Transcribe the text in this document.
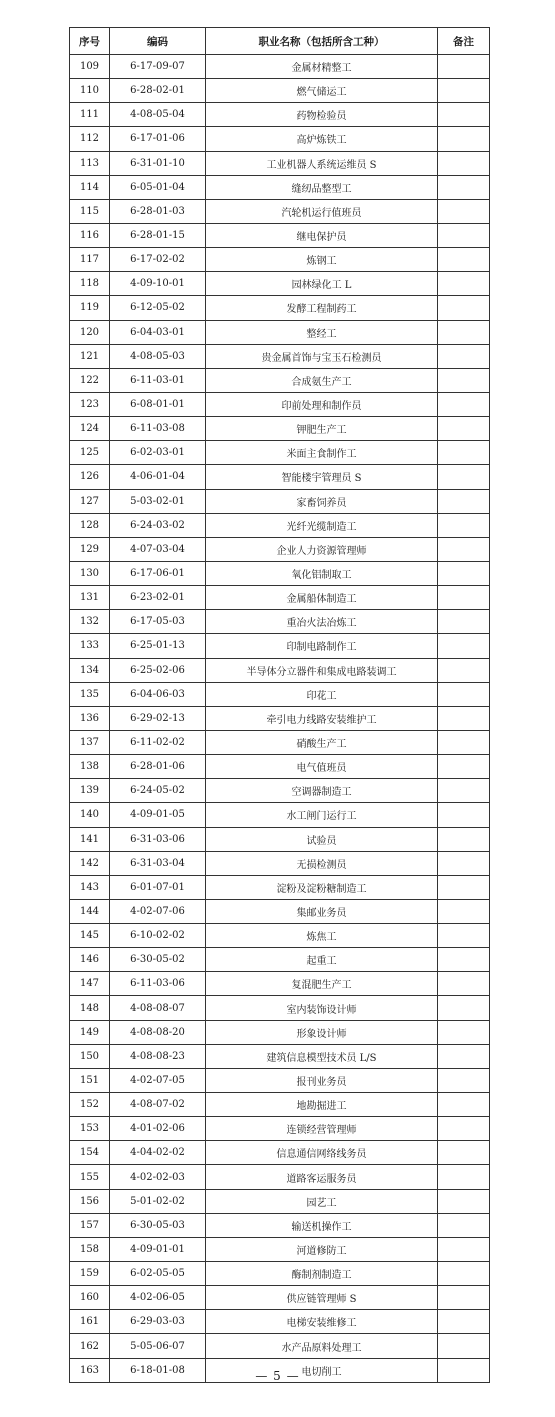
序号	编码	职业名称（包括所含工种）	备注
109	6-17-09-07	金属材精整工	
110	6-28-02-01	燃气储运工	
111	4-08-05-04	药物检验员	
112	6-17-01-06	高炉炼铁工	
113	6-31-01-10	工业机器人系统运维员 S	
114	6-05-01-04	缝纫品整型工	
115	6-28-01-03	汽轮机运行值班员	
116	6-28-01-15	继电保护员	
117	6-17-02-02	炼钢工	
118	4-09-10-01	园林绿化工 L	
119	6-12-05-02	发酵工程制药工	
120	6-04-03-01	整经工	
121	4-08-05-03	贵金属首饰与宝玉石检测员	
122	6-11-03-01	合成氨生产工	
123	6-08-01-01	印前处理和制作员	
124	6-11-03-08	钾肥生产工	
125	6-02-03-01	米面主食制作工	
126	4-06-01-04	智能楼宇管理员 S	
127	5-03-02-01	家畜饲养员	
128	6-24-03-02	光纤光缆制造工	
129	4-07-03-04	企业人力资源管理师	
130	6-17-06-01	氧化铝制取工	
131	6-23-02-01	金属船体制造工	
132	6-17-05-03	重冶火法冶炼工	
133	6-25-01-13	印制电路制作工	
134	6-25-02-06	半导体分立器件和集成电路装调工	
135	6-04-06-03	印花工	
136	6-29-02-13	牵引电力线路安装维护工	
137	6-11-02-02	硝酸生产工	
138	6-28-01-06	电气值班员	
139	6-24-05-02	空调器制造工	
140	4-09-01-05	水工闸门运行工	
141	6-31-03-06	试验员	
142	6-31-03-04	无损检测员	
143	6-01-07-01	淀粉及淀粉糖制造工	
144	4-02-07-06	集邮业务员	
145	6-10-02-02	炼焦工	
146	6-30-05-02	起重工	
147	6-11-03-06	复混肥生产工	
148	4-08-08-07	室内装饰设计师	
149	4-08-08-20	形象设计师	
150	4-08-08-23	建筑信息模型技术员 L/S	
151	4-02-07-05	报刊业务员	
152	4-08-07-02	地勘掘进工	
153	4-01-02-06	连锁经营管理师	
154	4-04-02-02	信息通信网络线务员	
155	4-02-02-03	道路客运服务员	
156	5-01-02-02	园艺工	
157	6-30-05-03	输送机操作工	
158	4-09-01-01	河道修防工	
159	6-02-05-05	酶制剂制造工	
160	4-02-06-05	供应链管理师 S	
161	6-29-03-03	电梯安装维修工	
162	5-05-06-07	水产品原料处理工	
163	6-18-01-08	电切削工	
— 5 —
